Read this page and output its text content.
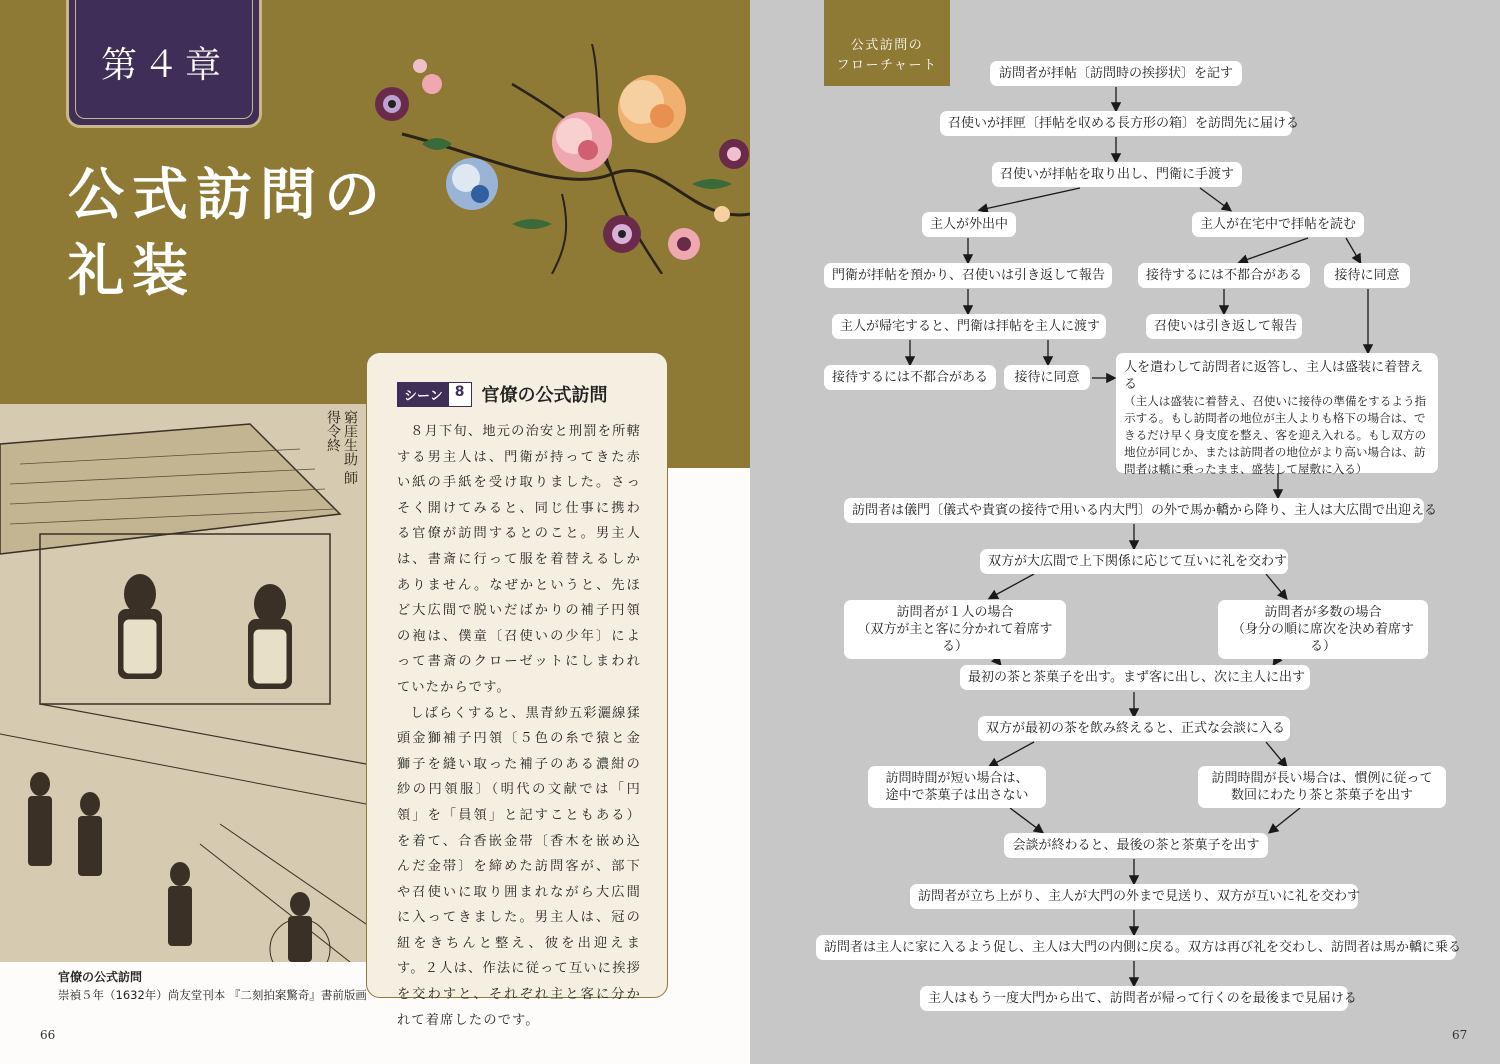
第４章
公式訪問の
礼装
窮厓生助 師得令終
官僚の公式訪問
崇禎５年（1632年）尚友堂刊本 『二刻拍案驚奇』書前版画
シーン 8 官僚の公式訪問

８月下旬、地元の治安と刑罰を所轄する男主人は、門衛が持ってきた赤い紙の手紙を受け取りました。さっそく開けてみると、同じ仕事に携わる官僚が訪問するとのこと。男主人は、書斎に行って服を着替えるしかありません。なぜかというと、先ほど大広間で脱いだばかりの補子円領の袍は、僕童〔召使いの少年〕によって書斎のクローゼットにしまわれていたからです。

しばらくすると、黒青紗五彩灑線猱頭金獅補子円領〔５色の糸で猿と金獅子を縫い取った補子のある濃紺の紗の円領服〕（明代の文献では「円領」を「員領」と記すこともある）を着て、合香嵌金帯〔香木を嵌め込んだ金帯〕を締めた訪問客が、部下や召使いに取り囲まれながら大広間に入ってきました。男主人は、冠の紐をきちんと整え、彼を出迎えます。２人は、作法に従って互いに挨拶を交わすと、それぞれ主と客に分かれて着席したのです。

66
公式訪問の
フローチャート
訪問者が拝帖〔訪問時の挨拶状〕を記す
召使いが拝匣〔拝帖を収める長方形の箱〕を訪問先に届ける
召使いが拝帖を取り出し、門衛に手渡す
主人が外出中	主人が在宅中で拝帖を読む
門衛が拝帖を預かり、召使いは引き返して報告	接待するには不都合がある	接待に同意
主人が帰宅すると、門衛は拝帖を主人に渡す	召使いは引き返して報告
接待するには不都合がある	接待に同意
人を遣わして訪問者に返答し、主人は盛装に着替える
（主人は盛装に着替え、召使いに接待の準備をするよう指示する。もし訪問者の地位が主人よりも格下の場合は、できるだけ早く身支度を整え、客を迎え入れる。もし双方の地位が同じか、または訪問者の地位がより高い場合は、訪問者は轎に乗ったまま、盛装して屋敷に入る）
訪問者は儀門〔儀式や貴賓の接待で用いる内大門〕の外で馬か轎から降り、主人は大広間で出迎える
双方が大広間で上下関係に応じて互いに礼を交わす
訪問者が１人の場合
（双方が主と客に分かれて着席する）
訪問者が多数の場合
（身分の順に席次を決め着席する）
最初の茶と茶菓子を出す。まず客に出し、次に主人に出す
双方が最初の茶を飲み終えると、正式な会談に入る
訪問時間が短い場合は、
途中で茶菓子は出さない
訪問時間が長い場合は、慣例に従って
数回にわたり茶と茶菓子を出す
会談が終わると、最後の茶と茶菓子を出す
訪問者が立ち上がり、主人が大門の外まで見送り、双方が互いに礼を交わす
訪問者は主人に家に入るよう促し、主人は大門の内側に戻る。双方は再び礼を交わし、訪問者は馬か轎に乗る
主人はもう一度大門から出て、訪問者が帰って行くのを最後まで見届ける
67
